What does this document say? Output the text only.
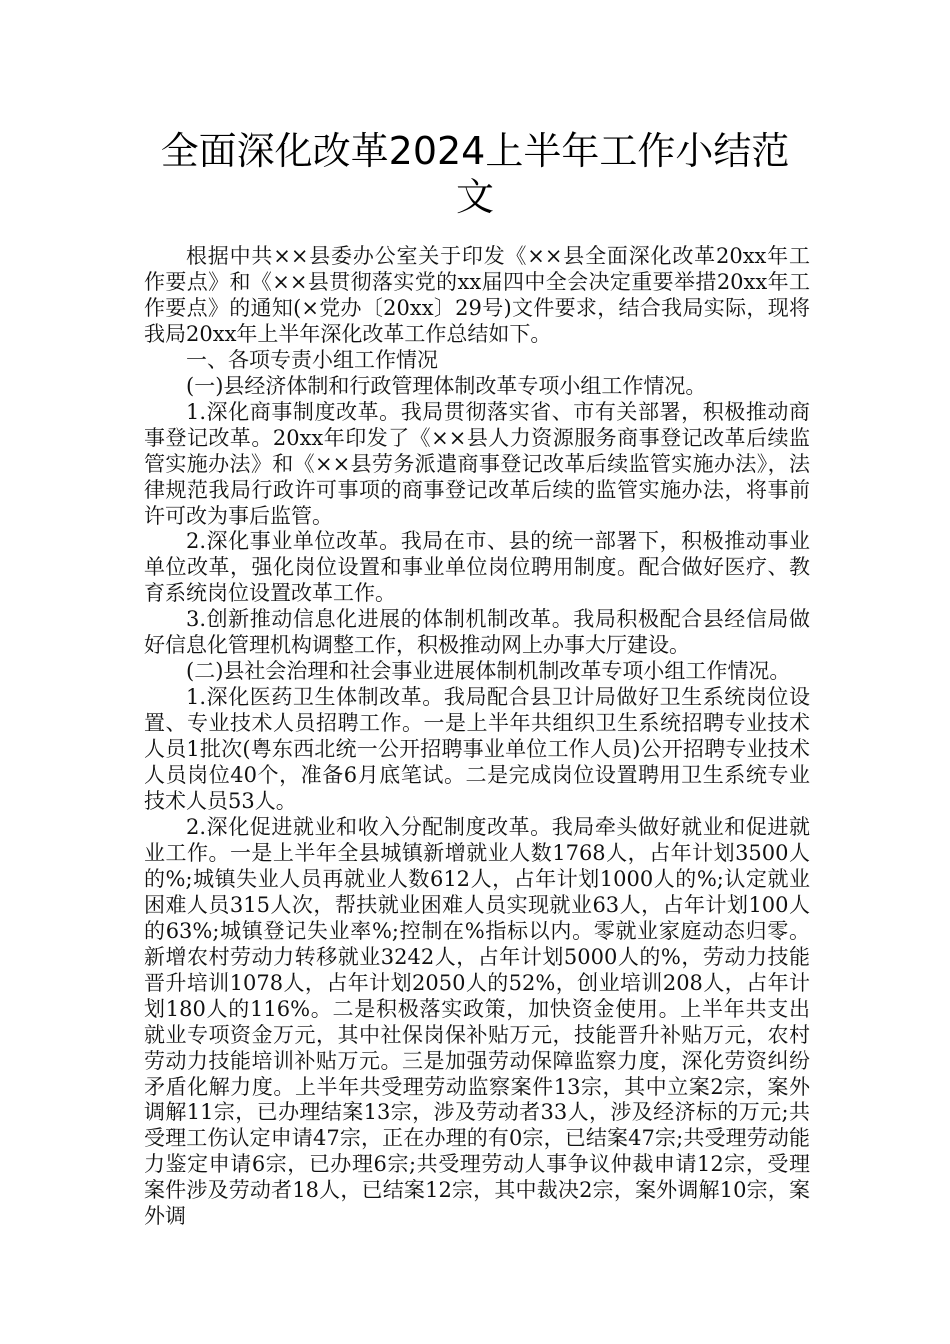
全面深化改革2024上半年工作小结范文

根据中共××县委办公室关于印发《××县全面深化改革20xx年工作要点》和《××县贯彻落实党的xx届四中全会决定重要举措20xx年工作要点》的通知(×党办〔20xx〕29号)文件要求，结合我局实际，现将我局20xx年上半年深化改革工作总结如下。

一、各项专责小组工作情况

(一)县经济体制和行政管理体制改革专项小组工作情况。

1.深化商事制度改革。我局贯彻落实省、市有关部署，积极推动商事登记改革。20xx年印发了《××县人力资源服务商事登记改革后续监管实施办法》和《××县劳务派遣商事登记改革后续监管实施办法》，法律规范我局行政许可事项的商事登记改革后续的监管实施办法，将事前许可改为事后监管。

2.深化事业单位改革。我局在市、县的统一部署下，积极推动事业单位改革，强化岗位设置和事业单位岗位聘用制度。配合做好医疗、教育系统岗位设置改革工作。

3.创新推动信息化进展的体制机制改革。我局积极配合县经信局做好信息化管理机构调整工作，积极推动网上办事大厅建设。

(二)县社会治理和社会事业进展体制机制改革专项小组工作情况。

1.深化医药卫生体制改革。我局配合县卫计局做好卫生系统岗位设置、专业技术人员招聘工作。一是上半年共组织卫生系统招聘专业技术人员1批次(粤东西北统一公开招聘事业单位工作人员)公开招聘专业技术人员岗位40个，准备6月底笔试。二是完成岗位设置聘用卫生系统专业技术人员53人。

2.深化促进就业和收入分配制度改革。我局牵头做好就业和促进就业工作。一是上半年全县城镇新增就业人数1768人，占年计划3500人的%;城镇失业人员再就业人数612人，占年计划1000人的%;认定就业困难人员315人次，帮扶就业困难人员实现就业63人，占年计划100人的63%;城镇登记失业率%;控制在%指标以内。零就业家庭动态归零。新增农村劳动力转移就业3242人，占年计划5000人的%，劳动力技能晋升培训1078人，占年计划2050人的52%，创业培训208人，占年计划180人的116%。二是积极落实政策，加快资金使用。上半年共支出就业专项资金万元，其中社保岗保补贴万元，技能晋升补贴万元，农村劳动力技能培训补贴万元。三是加强劳动保障监察力度，深化劳资纠纷矛盾化解力度。上半年共受理劳动监察案件13宗，其中立案2宗，案外调解11宗，已办理结案13宗，涉及劳动者33人，涉及经济标的万元;共受理工伤认定申请47宗，正在办理的有0宗，已结案47宗;共受理劳动能力鉴定申请6宗，已办理6宗;共受理劳动人事争议仲裁申请12宗，受理案件涉及劳动者18人，已结案12宗，其中裁决2宗，案外调解10宗，案外调
